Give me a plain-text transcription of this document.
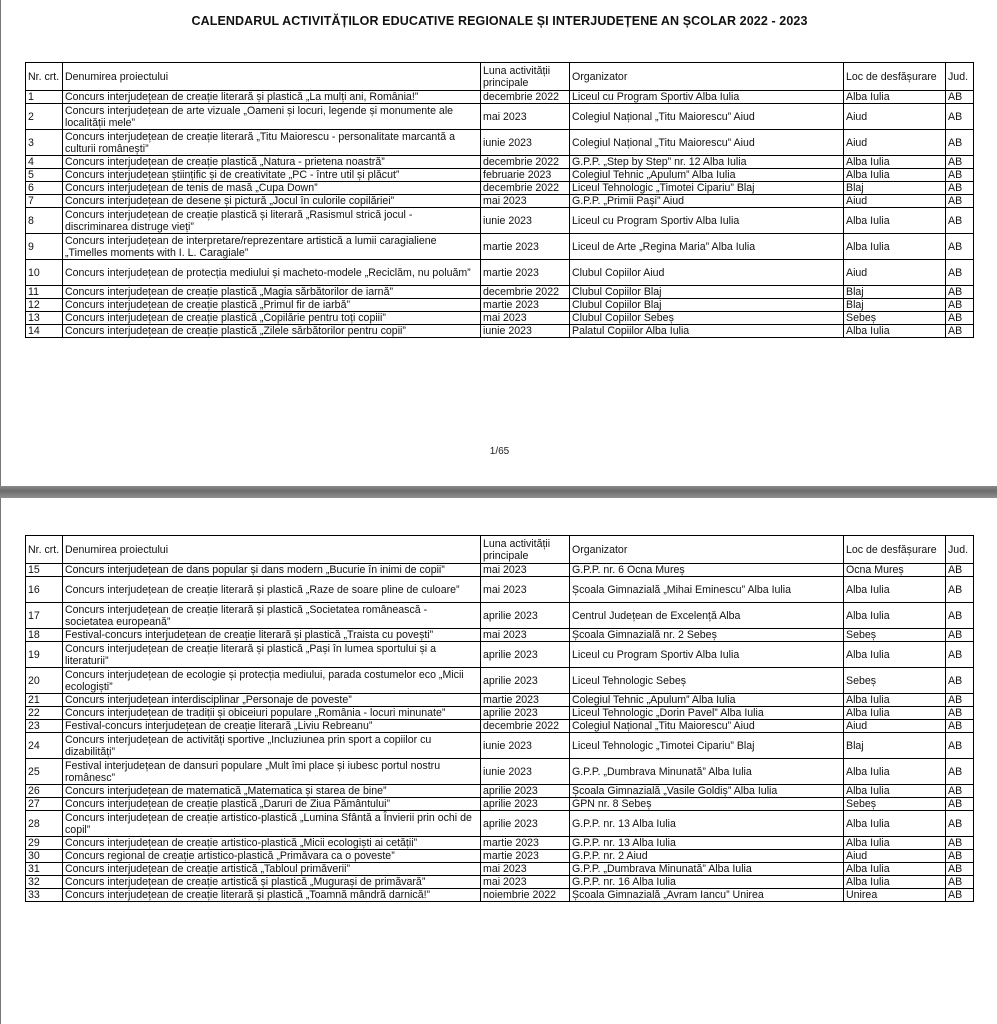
CALENDARUL ACTIVITĂȚILOR EDUCATIVE REGIONALE ȘI INTERJUDEȚENE AN ȘCOLAR 2022 - 2023
Nr. crt.	Denumirea proiectului	Luna activității principale	Organizator	Loc de desfășurare	Jud.
1	Concurs interjudețean de creație literară și plastică „La mulți ani, România!”	decembrie 2022	Liceul cu Program Sportiv Alba Iulia	Alba Iulia	AB
2	Concurs interjudețean de arte vizuale „Oameni și locuri, legende și monumente ale localității mele”	mai 2023	Colegiul Național „Titu Maiorescu” Aiud	Aiud	AB
3	Concurs interjudețean de creație literară „Titu Maiorescu - personalitate marcantă a culturii românești”	iunie 2023	Colegiul Național „Titu Maiorescu” Aiud	Aiud	AB
4	Concurs interjudețean de creație plastică „Natura - prietena noastră”	decembrie 2022	G.P.P. „Step by Step” nr. 12 Alba Iulia	Alba Iulia	AB
5	Concurs interjudețean științific și de creativitate „PC - între util și plăcut”	februarie 2023	Colegiul Tehnic „Apulum” Alba Iulia	Alba Iulia	AB
6	Concurs interjudețean de tenis de masă „Cupa Down”	decembrie 2022	Liceul Tehnologic „Timotei Cipariu” Blaj	Blaj	AB
7	Concurs interjudețean de desene și pictură „Jocul în culorile copilăriei”	mai 2023	G.P.P. „Primii Pași” Aiud	Aiud	AB
8	Concurs interjudețean de creație plastică și literară „Rasismul strică jocul - discriminarea distruge vieți”	iunie 2023	Liceul cu Program Sportiv Alba Iulia	Alba Iulia	AB
9	Concurs interjudețean de interpretare/reprezentare artistică a lumii caragialiene „Timelles moments with I. L. Caragiale”	martie 2023	Liceul de Arte „Regina Maria” Alba Iulia	Alba Iulia	AB
10	Concurs interjudețean de protecția mediului și macheto-modele „Reciclăm, nu poluăm”	martie 2023	Clubul Copiilor Aiud	Aiud	AB
11	Concurs interjudețean de creație plastică „Magia sărbătorilor de iarnă”	decembrie 2022	Clubul Copiilor Blaj	Blaj	AB
12	Concurs interjudețean de creație plastică „Primul fir de iarbă”	martie 2023	Clubul Copiilor Blaj	Blaj	AB
13	Concurs interjudețean de creație plastică „Copilărie pentru toți copiii”	mai 2023	Clubul Copiilor Sebeș	Sebeș	AB
14	Concurs interjudețean de creație plastică „Zilele sărbătorilor pentru copii”	iunie 2023	Palatul Copiilor Alba Iulia	Alba Iulia	AB
1/65
Nr. crt.	Denumirea proiectului	Luna activității principale	Organizator	Loc de desfășurare	Jud.
15	Concurs interjudețean de dans popular și dans modern „Bucurie în inimi de copii”	mai 2023	G.P.P. nr. 6 Ocna Mureș	Ocna Mureș	AB
16	Concurs interjudețean de creație literară și plastică „Raze de soare pline de culoare”	mai 2023	Școala Gimnazială „Mihai Eminescu” Alba Iulia	Alba Iulia	AB
17	Concurs interjudețean de creație literară și plastică „Societatea românească - societatea europeană”	aprilie 2023	Centrul Județean de Excelență Alba	Alba Iulia	AB
18	Festival-concurs interjudețean de creație literară și plastică „Traista cu povești”	mai 2023	Școala Gimnazială nr. 2 Sebeș	Sebeș	AB
19	Concurs interjudețean de creație literară și plastică „Pași în lumea sportului și a literaturii”	aprilie 2023	Liceul cu Program Sportiv Alba Iulia	Alba Iulia	AB
20	Concurs interjudețean de ecologie și protecția mediului, parada costumelor eco „Micii ecologiști”	aprilie 2023	Liceul Tehnologic Sebeș	Sebeș	AB
21	Concurs interjudețean interdisciplinar „Personaje de poveste”	martie 2023	Colegiul Tehnic „Apulum” Alba Iulia	Alba Iulia	AB
22	Concurs interjudețean de tradiții și obiceiuri populare „România - locuri minunate”	aprilie 2023	Liceul Tehnologic „Dorin Pavel” Alba Iulia	Alba Iulia	AB
23	Festival-concurs interjudețean de creație literară „Liviu Rebreanu”	decembrie 2022	Colegiul Național „Titu Maiorescu” Aiud	Aiud	AB
24	Concurs interjudețean de activități sportive „Incluziunea prin sport a copiilor cu dizabilități”	iunie 2023	Liceul Tehnologic „Timotei Cipariu” Blaj	Blaj	AB
25	Festival interjudețean de dansuri populare „Mult îmi place și iubesc portul nostru românesc”	iunie 2023	G.P.P. „Dumbrava Minunată” Alba Iulia	Alba Iulia	AB
26	Concurs interjudețean de matematică „Matematica și starea de bine”	aprilie 2023	Școala Gimnazială „Vasile Goldiș” Alba Iulia	Alba Iulia	AB
27	Concurs interjudețean de creație plastică „Daruri de Ziua Pământului”	aprilie 2023	GPN nr. 8 Sebeș	Sebeș	AB
28	Concurs interjudețean de creație artistico-plastică „Lumina Sfântă a Învierii prin ochi de copil”	aprilie 2023	G.P.P. nr. 13 Alba Iulia	Alba Iulia	AB
29	Concurs interjudețean de creație artistico-plastică „Micii ecologiști ai cetății”	martie 2023	G.P.P. nr. 13 Alba Iulia	Alba Iulia	AB
30	Concurs regional de creație artistico-plastică „Primăvara ca o poveste”	martie 2023	G.P.P. nr. 2 Aiud	Aiud	AB
31	Concurs interjudețean de creație artistică „Tabloul primăverii”	mai 2023	G.P.P. „Dumbrava Minunată” Alba Iulia	Alba Iulia	AB
32	Concurs interjudețean de creație artistică și plastică „Mugurași de primăvară”	mai 2023	G.P.P. nr. 16 Alba Iulia	Alba Iulia	AB
33	Concurs interjudețean de creație literară și plastică „Toamnă mândră darnică!”	noiembrie 2022	Școala Gimnazială „Avram Iancu” Unirea	Unirea	AB
